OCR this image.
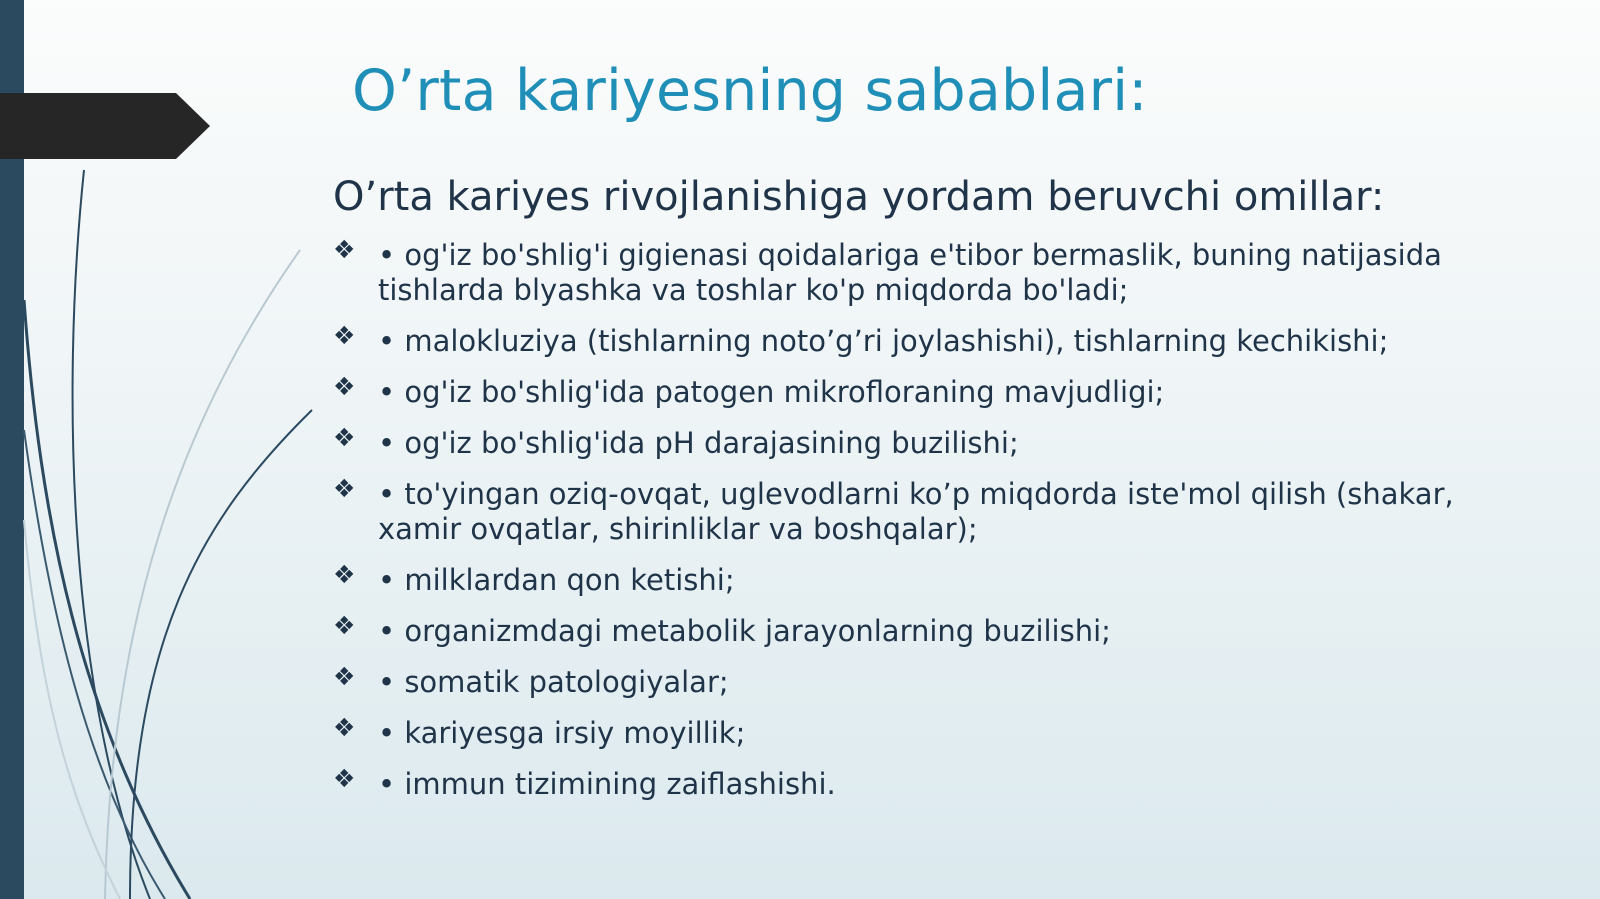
O’rta kariyesning sabablari:
O’rta kariyes rivojlanishiga yordam beruvchi omillar:
❖ • og'iz bo'shlig'i gigienasi qoidalariga e'tibor bermaslik, buning natijasida tishlarda blyashka va toshlar ko'p miqdorda bo'ladi;
❖ • malokluziya (tishlarning noto’g’ri joylashishi), tishlarning kechikishi;
❖ • og'iz bo'shlig'ida patogen mikrofloraning mavjudligi;
❖ • og'iz bo'shlig'ida pH darajasining buzilishi;
❖ • to'yingan oziq-ovqat, uglevodlarni ko’p miqdorda iste'mol qilish (shakar, xamir ovqatlar, shirinliklar va boshqalar);
❖ • milklardan qon ketishi;
❖ • organizmdagi metabolik jarayonlarning buzilishi;
❖ • somatik patologiyalar;
❖ • kariyesga irsiy moyillik;
❖ • immun tizimining zaiflashishi.
